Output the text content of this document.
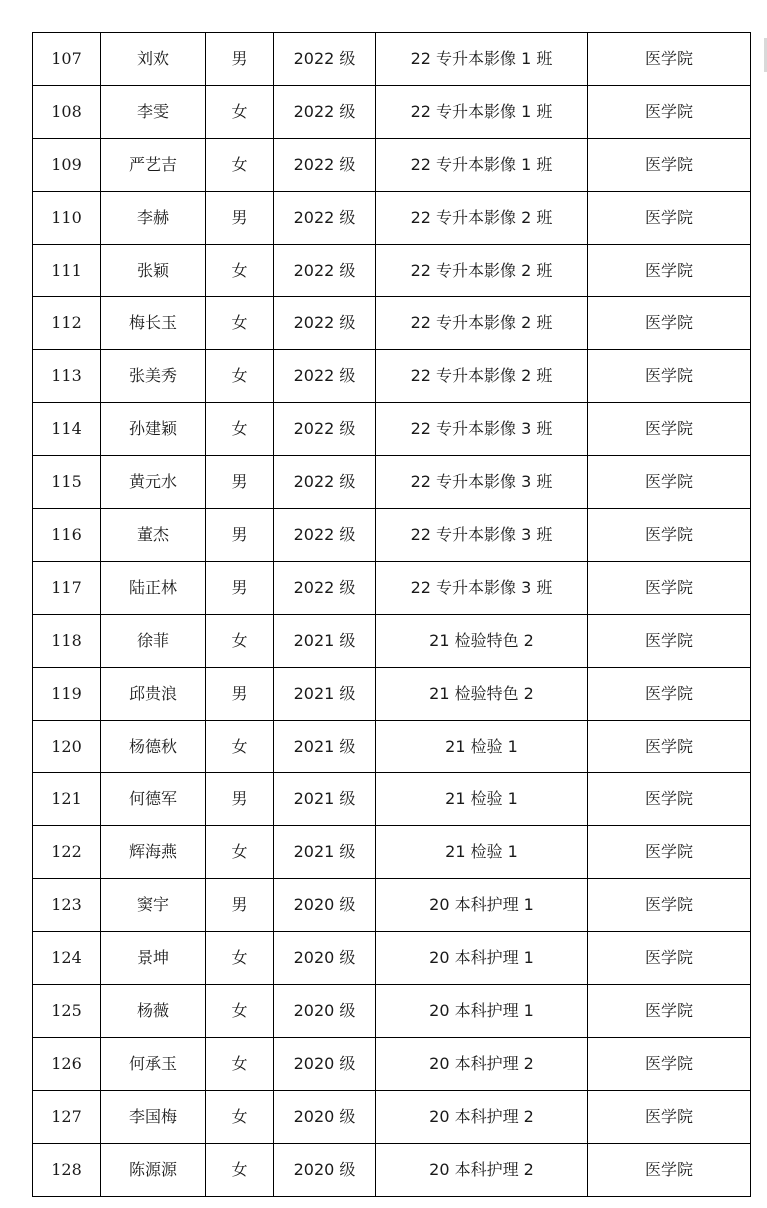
107	刘欢	男	2022 级	22 专升本影像 1 班	医学院
108	李雯	女	2022 级	22 专升本影像 1 班	医学院
109	严艺吉	女	2022 级	22 专升本影像 1 班	医学院
110	李赫	男	2022 级	22 专升本影像 2 班	医学院
111	张颖	女	2022 级	22 专升本影像 2 班	医学院
112	梅长玉	女	2022 级	22 专升本影像 2 班	医学院
113	张美秀	女	2022 级	22 专升本影像 2 班	医学院
114	孙建颖	女	2022 级	22 专升本影像 3 班	医学院
115	黄元水	男	2022 级	22 专升本影像 3 班	医学院
116	董杰	男	2022 级	22 专升本影像 3 班	医学院
117	陆正林	男	2022 级	22 专升本影像 3 班	医学院
118	徐菲	女	2021 级	21 检验特色 2	医学院
119	邱贵浪	男	2021 级	21 检验特色 2	医学院
120	杨德秋	女	2021 级	21 检验 1	医学院
121	何德军	男	2021 级	21 检验 1	医学院
122	辉海燕	女	2021 级	21 检验 1	医学院
123	窦宇	男	2020 级	20 本科护理 1	医学院
124	景坤	女	2020 级	20 本科护理 1	医学院
125	杨薇	女	2020 级	20 本科护理 1	医学院
126	何承玉	女	2020 级	20 本科护理 2	医学院
127	李国梅	女	2020 级	20 本科护理 2	医学院
128	陈源源	女	2020 级	20 本科护理 2	医学院
